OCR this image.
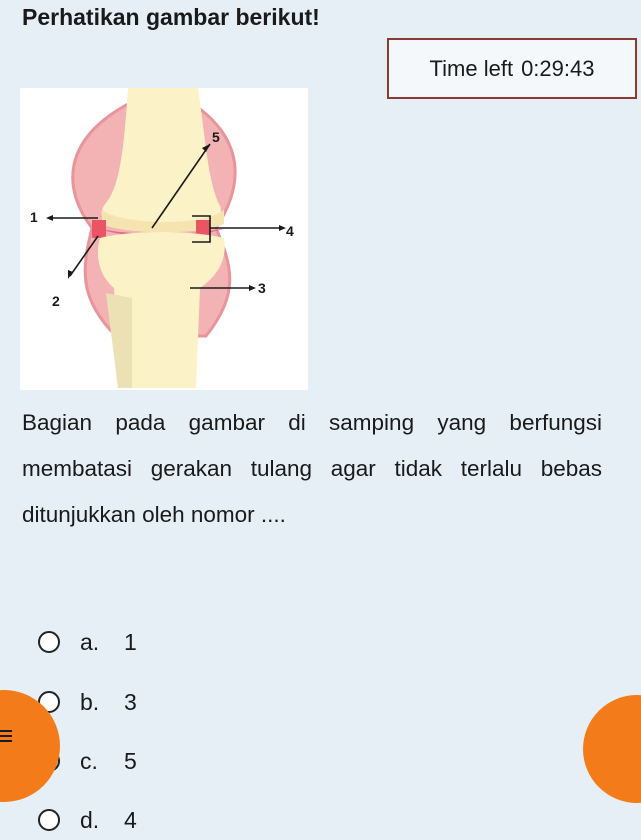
Perhatikan gambar berikut!
Time left 0:29:43
5
1
4
3
2
Bagian pada gambar di samping yang berfungsi membatasi gerakan tulang agar tidak terlalu bebas ditunjukkan oleh nomor ....
a.	1
b.	3
c.	5
d.	4
